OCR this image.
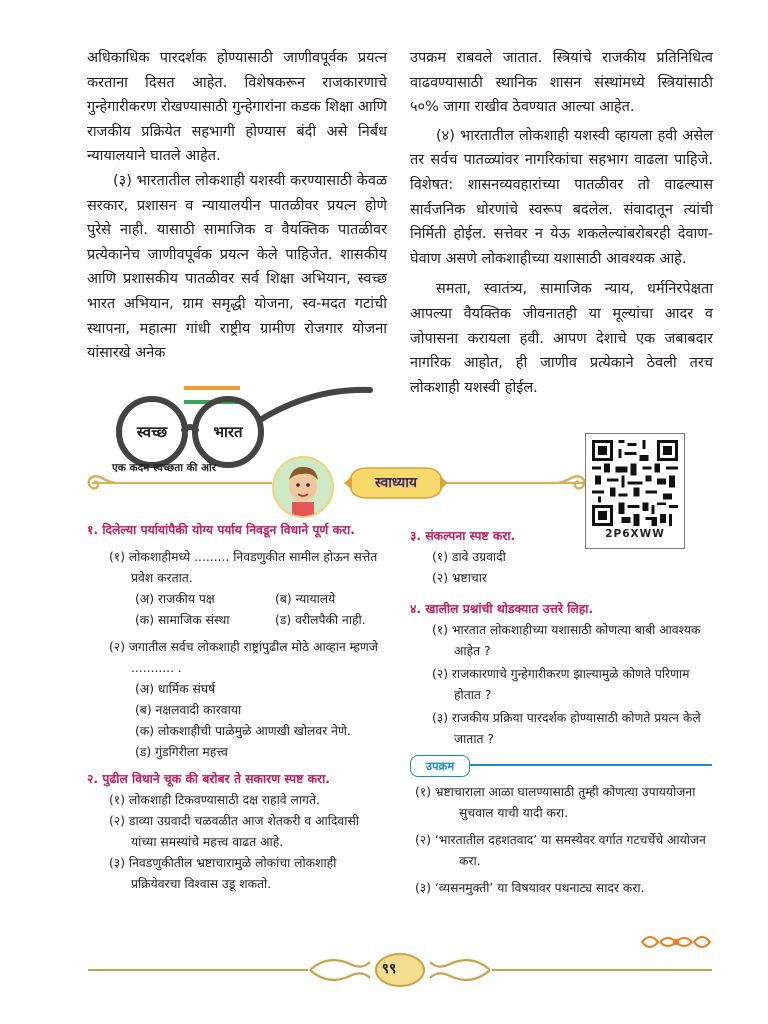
अधिकाधिक पारदर्शक होण्यासाठी जाणीवपूर्वक प्रयत्न करताना दिसत आहेत. विशेषकरून राजकारणाचे गुन्हेगारीकरण रोखण्यासाठी गुन्हेगारांना कडक शिक्षा आणि राजकीय प्रक्रियेत सहभागी होण्यास बंदी असे निर्बंध न्यायालयाने घातले आहेत.

(३) भारतातील लोकशाही यशस्वी करण्यासाठी केवळ सरकार, प्रशासन व न्यायालयीन पातळीवर प्रयत्न होणे पुरेसे नाही. यासाठी सामाजिक व वैयक्तिक पातळीवर प्रत्येकानेच जाणीवपूर्वक प्रयत्न केले पाहिजेत. शासकीय आणि प्रशासकीय पातळीवर सर्व शिक्षा अभियान, स्वच्छ भारत अभियान, ग्राम समृद्धी योजना, स्व-मदत गटांची स्थापना, महात्मा गांधी राष्ट्रीय ग्रामीण रोजगार योजना यांसारखे अनेक

उपक्रम राबवले जातात. स्त्रियांचे राजकीय प्रतिनिधित्व वाढवण्यासाठी स्थानिक शासन संस्थांमध्ये स्त्रियांसाठी ५०% जागा राखीव ठेवण्यात आल्या आहेत.

(४) भारतातील लोकशाही यशस्वी व्हायला हवी असेल तर सर्वच पातळ्यांवर नागरिकांचा सहभाग वाढला पाहिजे. विशेषत: शासनव्यवहारांच्या पातळीवर तो वाढल्यास सार्वजनिक धोरणांचे स्वरूप बदलेल. संवादातून त्यांची निर्मिती होईल. सत्तेवर न येऊ शकलेल्यांबरोबरही देवाण-घेवाण असणे लोकशाहीच्या यशासाठी आवश्यक आहे.

समता, स्वातंत्र्य, सामाजिक न्याय, धर्मनिरपेक्षता आपल्या वैयक्तिक जीवनातही या मूल्यांचा आदर व जोपासना करायला हवी. आपण देशाचे एक जबाबदार नागरिक आहोत, ही जाणीव प्रत्येकाने ठेवली तरच लोकशाही यशस्वी होईल.

स्वच्छ	भारत
एक कदम स्वच्छता की ओर
स्वाध्याय
2P6XWW

१. दिलेल्या पर्यायांपैकी योग्य पर्याय निवडून विधाने पूर्ण करा.

(१) लोकशाहीमध्ये ......... निवडणुकीत सामील होऊन सत्तेत प्रवेश करतात.

(अ) राजकीय पक्ष	(ब) न्यायालये
(क) सामाजिक संस्था	(ड) वरीलपैकी नाही.

(२) जगातील सर्वच लोकशाही राष्ट्रांपुढील मोठे आव्हान म्हणजे ........... .

(अ) धार्मिक संघर्ष

(ब) नक्षलवादी कारवाया

(क) लोकशाहीची पाळेमुळे आणखी खोलवर नेणे.

(ड) गुंडगिरीला महत्त्व

२. पुढील विधाने चूक की बरोबर ते सकारण स्पष्ट करा.

(१) लोकशाही टिकवण्यासाठी दक्ष राहावे लागते.

(२) डाव्या उग्रवादी चळवळीत आज शेतकरी व आदिवासी यांच्या समस्यांचे महत्त्व वाढत आहे.

(३) निवडणुकीतील भ्रष्टाचारामुळे लोकांचा लोकशाही प्रक्रियेवरचा विश्वास उडू शकतो.

३. संकल्पना स्पष्ट करा.

(१) डावे उग्रवादी

(२) भ्रष्टाचार

४. खालील प्रश्नांची थोडक्यात उत्तरे लिहा.

(१) भारतात लोकशाहीच्या यशासाठी कोणत्या बाबी आवश्यक आहेत ?

(२) राजकारणाचे गुन्हेगारीकरण झाल्यामुळे कोणते परिणाम होतात ?

(३) राजकीय प्रक्रिया पारदर्शक होण्यासाठी कोणते प्रयत्न केले जातात ?

उपक्रम

(१) भ्रष्टाचाराला आळा घालण्यासाठी तुम्ही कोणत्या उपाययोजना सुचवाल याची यादी करा.

(२) ‘भारतातील दहशतवाद’ या समस्येवर वर्गात गटचर्चेचे आयोजन करा.

(३) ‘व्यसनमुक्ती’ या विषयावर पथनाट्य सादर करा.

९९
